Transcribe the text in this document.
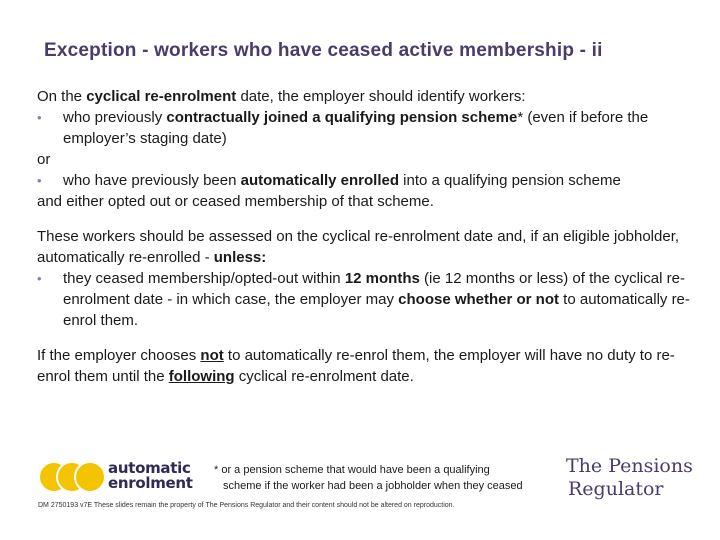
Exception - workers who have ceased active membership - ii

On the cyclical re-enrolment date, the employer should identify workers:

• who previously contractually joined a qualifying pension scheme* (even if before the employer’s staging date)

or

• who have previously been automatically enrolled into a qualifying pension scheme

and either opted out or ceased membership of that scheme.

These workers should be assessed on the cyclical re-enrolment date and, if an eligible jobholder, automatically re-enrolled - unless:

• they ceased membership/opted-out within 12 months (ie 12 months or less) of the cyclical re-enrolment date - in which case, the employer may choose whether or not to automatically re-enrol them.

If the employer chooses not to automatically re-enrol them, the employer will have no duty to re-enrol them until the following cyclical re-enrolment date.

automatic
enrolment
* or a pension scheme that would have been a qualifying
scheme if the worker had been a jobholder when they ceased
The Pensions
Regulator
DM 2750193 v7E These slides remain the property of The Pensions Regulator and their content should not be altered on reproduction.
